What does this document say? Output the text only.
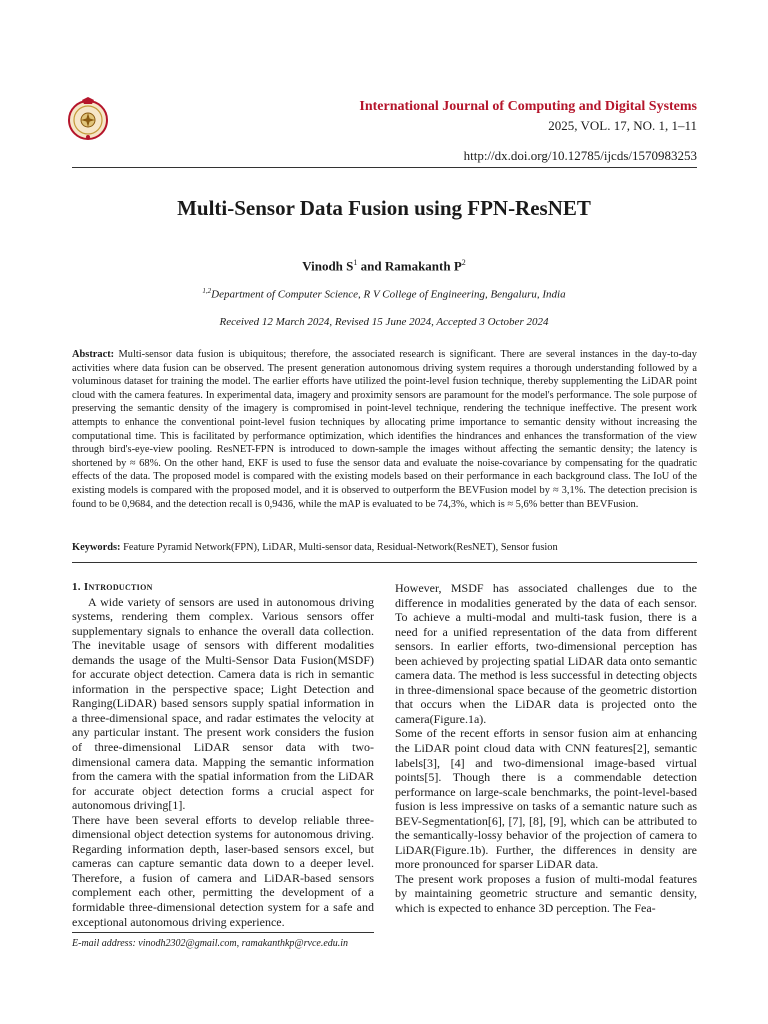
International Journal of Computing and Digital Systems
2025, VOL. 17, NO. 1, 1–11
http://dx.doi.org/10.12785/ijcds/1570983253
Multi-Sensor Data Fusion using FPN-ResNET
Vinodh $S^1$ and Ramakanth $P^2$
$^{1,2}$Department of Computer Science, R V College of Engineering, Bengaluru, India
Received 12 March 2024, Revised 15 June 2024, Accepted 3 October 2024

Abstract: Multi-sensor data fusion is ubiquitous; therefore, the associated research is significant. There are several instances in the day-to-day activities where data fusion can be observed. The present generation autonomous driving system requires a thorough understanding followed by a voluminous dataset for training the model. The earlier efforts have utilized the point-level fusion technique, thereby supplementing the LiDAR point cloud with the camera features. In experimental data, imagery and proximity sensors are paramount for the model's performance. The sole purpose of preserving the semantic density of the imagery is compromised in point-level technique, rendering the technique ineffective. The present work attempts to enhance the conventional point-level fusion techniques by allocating prime importance to semantic density without increasing the computational time. This is facilitated by performance optimization, which identifies the hindrances and enhances the transformation of the view through bird's-eye-view pooling. ResNET-FPN is introduced to down-sample the images without affecting the semantic density; the latency is shortened by ≈ 68%. On the other hand, EKF is used to fuse the sensor data and evaluate the noise-covariance by compensating for the quadratic effects of the data. The proposed model is compared with the existing models based on their performance in each background class. The IoU of the existing models is compared with the proposed model, and it is observed to outperform the BEVFusion model by ≈ 3,1%. The detection precision is found to be 0,9684, and the detection recall is 0,9436, while the mAP is evaluated to be 74,3%, which is ≈ 5,6% better than BEVFusion.

Keywords: Feature Pyramid Network(FPN), LiDAR, Multi-sensor data, Residual-Network(ResNET), Sensor fusion

1. Introduction

A wide variety of sensors are used in autonomous driving systems, rendering them complex. Various sensors offer supplementary signals to enhance the overall data collection. The inevitable usage of sensors with different modalities demands the usage of the Multi-Sensor Data Fusion(MSDF) for accurate object detection. Camera data is rich in semantic information in the perspective space; Light Detection and Ranging(LiDAR) based sensors supply spatial information in a three-dimensional space, and radar estimates the velocity at any particular instant. The present work considers the fusion of three-dimensional LiDAR sensor data with two-dimensional camera data. Mapping the semantic information from the camera with the spatial information from the LiDAR for accurate object detection forms a crucial aspect for autonomous driving[1].

There have been several efforts to develop reliable three-dimensional object detection systems for autonomous driving. Regarding information depth, laser-based sensors excel, but cameras can capture semantic data down to a deeper level. Therefore, a fusion of camera and LiDAR-based sensors complement each other, permitting the development of a formidable three-dimensional detection system for a safe and exceptional autonomous driving experience.

However, MSDF has associated challenges due to the difference in modalities generated by the data of each sensor. To achieve a multi-modal and multi-task fusion, there is a need for a unified representation of the data from different sensors. In earlier efforts, two-dimensional perception has been achieved by projecting spatial LiDAR data onto semantic camera data. The method is less successful in detecting objects in three-dimensional space because of the geometric distortion that occurs when the LiDAR data is projected onto the camera(Figure.1a).

Some of the recent efforts in sensor fusion aim at enhancing the LiDAR point cloud data with CNN features[2], semantic labels[3], [4] and two-dimensional image-based virtual points[5]. Though there is a commendable detection performance on large-scale benchmarks, the point-level-based fusion is less impressive on tasks of a semantic nature such as BEV-Segmentation[6], [7], [8], [9], which can be attributed to the semantically-lossy behavior of the projection of camera to LiDAR(Figure.1b). Further, the differences in density are more pronounced for sparser LiDAR data.

The present work proposes a fusion of multi-modal features by maintaining geometric structure and semantic density, which is expected to enhance 3D perception. The Fea-

E-mail address: vinodh2302@gmail.com, ramakanthkp@rvce.edu.in
